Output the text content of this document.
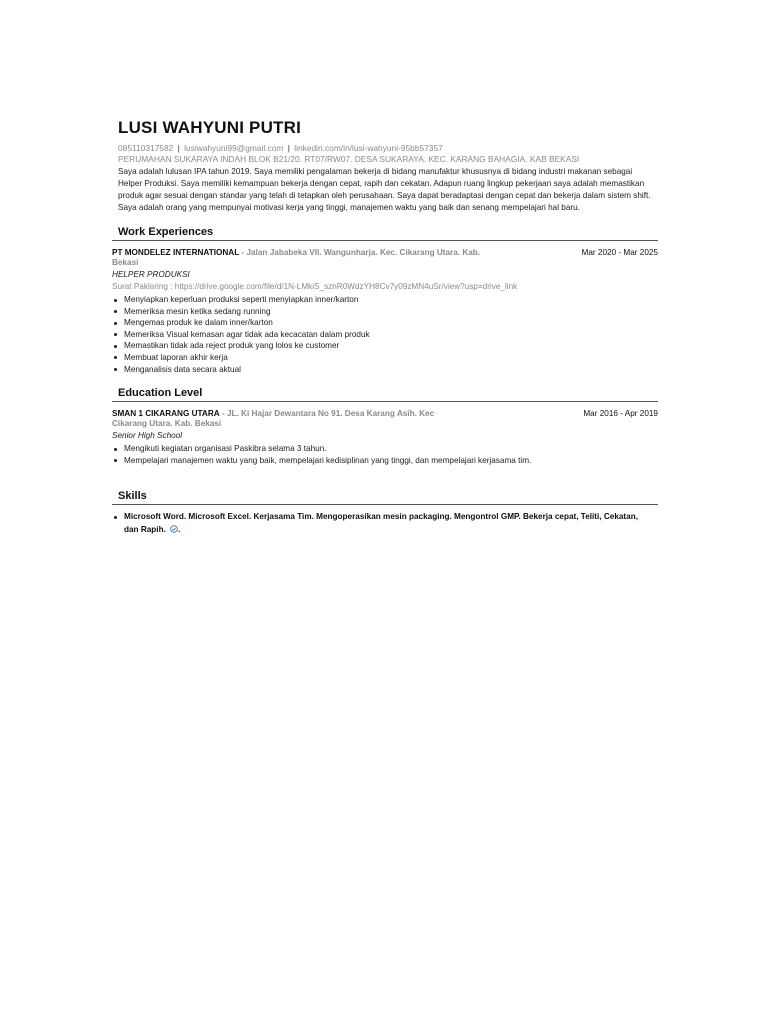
LUSI WAHYUNI PUTRI
085110317582 | lusiwahyuni99@gmail.com | linkedin.com/in/lusi-wahyuni-95bb57357
PERUMAHAN SUKARAYA INDAH BLOK B21/20. RT07/RW07. DESA SUKARAYA. KEC. KARANG BAHAGIA. KAB BEKASI
Saya adalah lulusan IPA tahun 2019. Saya memiliki pengalaman bekerja di bidang manufaktur khususnya di bidang industri makanan sebagai Helper Produksi. Saya memiliki kemampuan bekerja dengan cepat, rapih dan cekatan. Adapun ruang lingkup pekerjaan saya adalah memastikan produk agar sesuai dengan standar yang telah di tetapkan oleh perusahaan. Saya dapat beradaptasi dengan cepat dan bekerja dalam sistem shift. Saya adalah orang yang mempunyai motivasi kerja yang tinggi, manajemen waktu yang baik dan senang mempelajari hal baru.
Work Experiences
PT MONDELEZ INTERNATIONAL - Jalan Jababeka VII. Wangunharja. Kec. Cikarang Utara. Kab. Bekasi
Mar 2020 - Mar 2025
HELPER PRODUKSI
Surat Paklaring : https://drive.google.com/file/d/1N-LMkiS_sznR0WdzYH8Cv7y09zMN4uSr/view?usp=drive_link
Menyiapkan keperluan produksi seperti menyiapkan inner/karton
Memeriksa mesin ketika sedang running
Mengemas produk ke dalam inner/karton
Memeriksa Visual kemasan agar tidak ada kecacatan dalam produk
Memastikan tidak ada reject produk yang lolos ke customer
Membuat laporan akhir kerja
Menganalisis data secara aktual
Education Level
SMAN 1 CIKARANG UTARA - JL. Ki Hajar Dewantara No 91. Desa Karang Asih. Kec Cikarang Utara. Kab. Bekasi
Mar 2016 - Apr 2019
Senior High School
Mengikuti kegiatan organisasi Paskibra selama 3 tahun.
Mempelajari manajemen waktu yang baik, mempelajari kedisiplinan yang tinggi, dan mempelajari kerjasama tim.
Skills
Microsoft Word. Microsoft Excel. Kerjasama Tim. Mengoperasikan mesin packaging. Mengontrol GMP. Bekerja cepat, Teliti, Cekatan, dan Rapih. .
